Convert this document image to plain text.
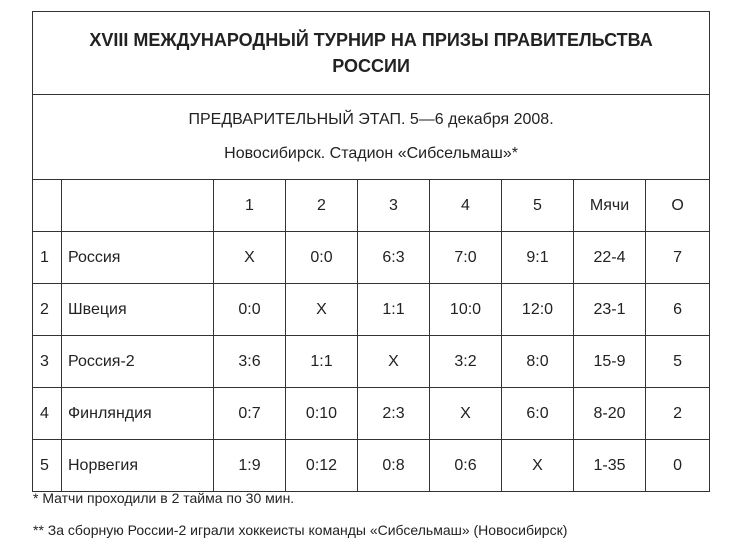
XVIII МЕЖДУНАРОДНЫЙ ТУРНИР НА ПРИЗЫ ПРАВИТЕЛЬСТВА РОССИИ								

ПРЕДВАРИТЕЛЬНЫЙ ЭТАП. 5—6 декабря 2008.
Новосибирск. Стадион «Сибсельмаш»*								

		1	2	3	4	5	Мячи	О
1	Россия	Х	0:0	6:3	7:0	9:1	22-4	7
2	Швеция	0:0	Х	1:1	10:0	12:0	23-1	6
3	Россия-2	3:6	1:1	Х	3:2	8:0	15-9	5
4	Финляндия	0:7	0:10	2:3	Х	6:0	8-20	2
5	Норвегия	1:9	0:12	0:8	0:6	Х	1-35	0
* Матчи проходили в 2 тайма по 30 мин.
** За сборную России-2 играли хоккеисты команды «Сибсельмаш» (Новосибирск)
